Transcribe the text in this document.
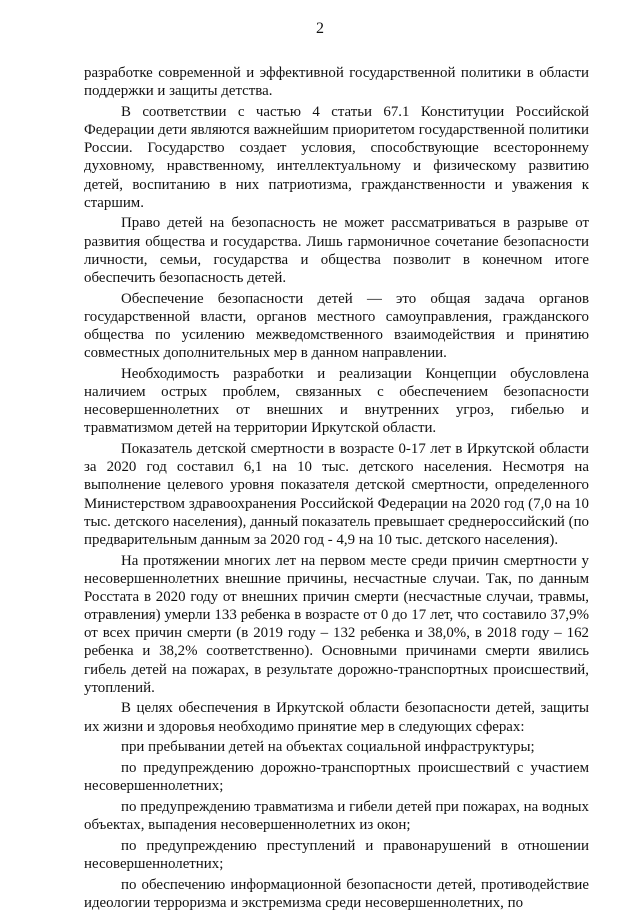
2

разработке современной и эффективной государственной политики в области поддержки и защиты детства.

В соответствии с частью 4 статьи 67.1 Конституции Российской Федерации дети являются важнейшим приоритетом государственной политики России. Государство создает условия, способствующие всестороннему духовному, нравственному, интеллектуальному и физическому развитию детей, воспитанию в них патриотизма, гражданственности и уважения к старшим.

Право детей на безопасность не может рассматриваться в разрыве от развития общества и государства. Лишь гармоничное сочетание безопасности личности, семьи, государства и общества позволит в конечном итоге обеспечить безопасность детей.

Обеспечение безопасности детей — это общая задача органов государственной власти, органов местного самоуправления, гражданского общества по усилению межведомственного взаимодействия и принятию совместных дополнительных мер в данном направлении.

Необходимость разработки и реализации Концепции обусловлена наличием острых проблем, связанных с обеспечением безопасности несовершеннолетних от внешних и внутренних угроз, гибелью и травматизмом детей на территории Иркутской области.

Показатель детской смертности в возрасте 0-17 лет в Иркутской области за 2020 год составил 6,1 на 10 тыс. детского населения. Несмотря на выполнение целевого уровня показателя детской смертности, определенного Министерством здравоохранения Российской Федерации на 2020 год (7,0 на 10 тыс. детского населения), данный показатель превышает среднероссийский (по предварительным данным за 2020 год - 4,9 на 10 тыс. детского населения).

На протяжении многих лет на первом месте среди причин смертности у несовершеннолетних внешние причины, несчастные случаи. Так, по данным Росстата в 2020 году от внешних причин смерти (несчастные случаи, травмы, отравления) умерли 133 ребенка в возрасте от 0 до 17 лет, что составило 37,9% от всех причин смерти (в 2019 году – 132 ребенка и 38,0%, в 2018 году – 162 ребенка и 38,2% соответственно). Основными причинами смерти явились гибель детей на пожарах, в результате дорожно-транспортных происшествий, утоплений.

В целях обеспечения в Иркутской области безопасности детей, защиты их жизни и здоровья необходимо принятие мер в следующих сферах:

при пребывании детей на объектах социальной инфраструктуры;

по предупреждению дорожно-транспортных происшествий с участием несовершеннолетних;

по предупреждению травматизма и гибели детей при пожарах, на водных объектах, выпадения несовершеннолетних из окон;

по предупреждению преступлений и правонарушений в отношении несовершеннолетних;

по обеспечению информационной безопасности детей, противодействие идеологии терроризма и экстремизма среди несовершеннолетних, по
